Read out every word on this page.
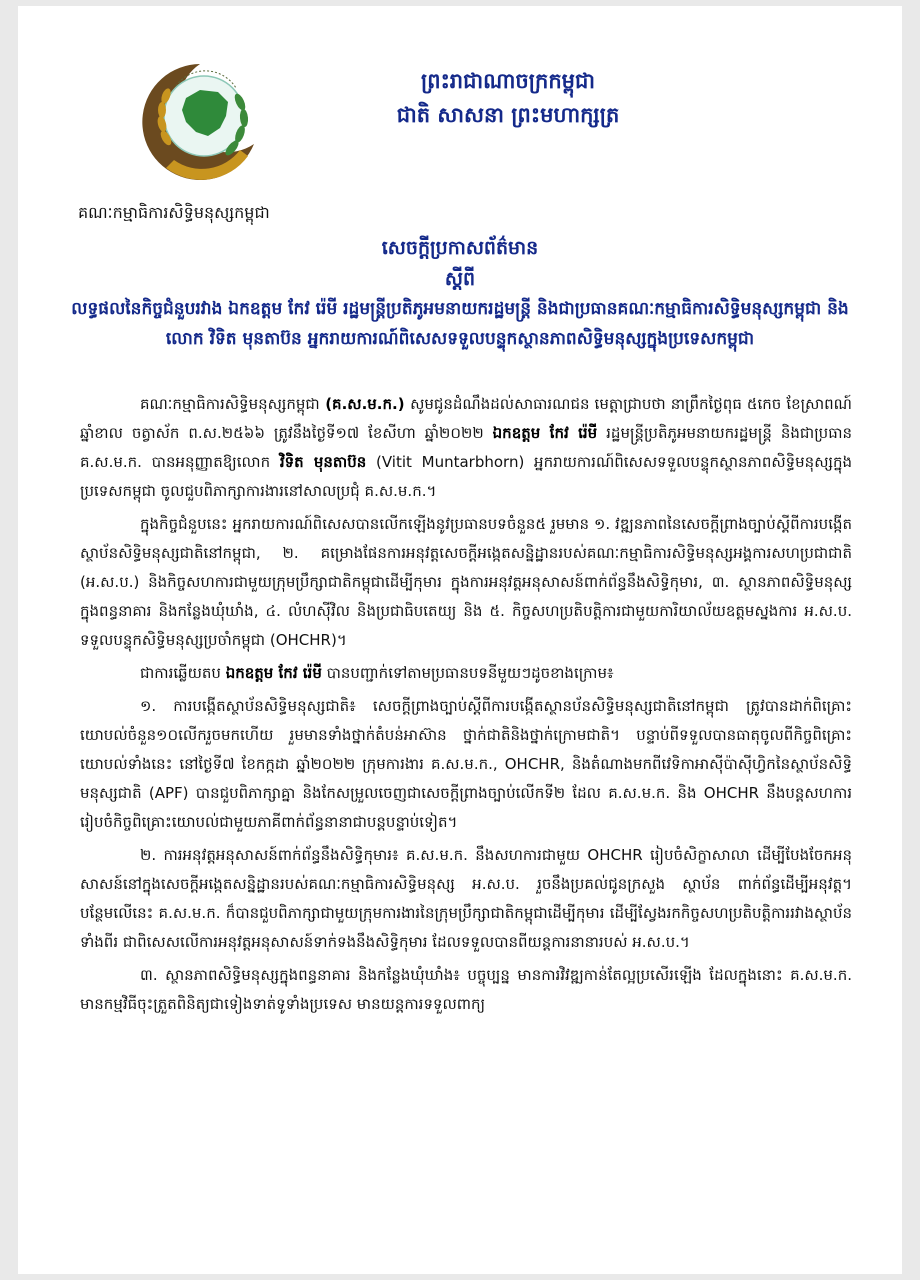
ព្រះរាជាណាចក្រកម្ពុជា
ជាតិ សាសនា ព្រះមហាក្សត្រ
គណៈកម្មាធិការសិទ្ធិមនុស្សកម្ពុជា
សេចក្តីប្រកាសព័ត៌មាន
ស្តីពី
លទ្ធផលនៃកិច្ចជំនួបរវាង ឯកឧត្តម កែវ រ៉េមី រដ្ឋមន្ត្រីប្រតិភូអមនាយករដ្ឋមន្ត្រី និងជាប្រធានគណៈកម្មាធិការសិទ្ធិមនុស្សកម្ពុជា និងលោក វិទិត មុនតាប៊ន អ្នករាយការណ៍ពិសេសទទួលបន្ទុកស្ថានភាពសិទ្ធិមនុស្សក្នុងប្រទេសកម្ពុជា

គណៈកម្មាធិការសិទ្ធិមនុស្សកម្ពុជា (គ.ស.ម.ក.) សូមជូនដំណឹងដល់សាធារណជន មេត្តាជ្រាបថា នាព្រឹកថ្ងៃពុធ ៥កេច ខែស្រាពណ៍ ឆ្នាំខាល ចត្វាស័ក ព.ស.២៥៦៦ ត្រូវនឹងថ្ងៃទី១៧ ខែសីហា ឆ្នាំ២០២២ ឯកឧត្តម កែវ រ៉េមី រដ្ឋមន្ត្រីប្រតិភូអមនាយករដ្ឋមន្ត្រី និងជាប្រធាន គ.ស.ម.ក. បានអនុញ្ញាតឱ្យលោក វិទិត មុនតាប៊ន (Vitit Muntarbhorn) អ្នករាយការណ៍ពិសេសទទួលបន្ទុកស្ថានភាពសិទ្ធិមនុស្សក្នុងប្រទេសកម្ពុជា ចូលជួបពិភាក្សាការងារនៅសាលប្រជុំ គ.ស.ម.ក.។

ក្នុងកិច្ចជំនួបនេះ អ្នករាយការណ៍ពិសេសបានលើកឡើងនូវប្រធានបទចំនួន៥ រួមមាន ១. វឌ្ឍនភាពនៃសេចក្តីព្រាងច្បាប់ស្តីពីការបង្កើតស្ថាប័នសិទ្ធិមនុស្សជាតិនៅកម្ពុជា, ២. គម្រោងផែនការអនុវត្តសេចក្តីអង្កេតសន្និដ្ឋានរបស់គណៈកម្មាធិការសិទ្ធិមនុស្សអង្គការសហប្រជាជាតិ (អ.ស.ប.) និងកិច្ចសហការជាមួយក្រុមប្រឹក្សាជាតិកម្ពុជាដើម្បីកុមារ ក្នុងការអនុវត្តអនុសាសន៍ពាក់ព័ន្ធនឹងសិទ្ធិកុមារ, ៣. ស្ថានភាពសិទ្ធិមនុស្សក្នុងពន្ធនាគារ និងកន្លែងឃុំឃាំង, ៤. លំហស៊ីវិល និងប្រជាធិបតេយ្យ និង ៥. កិច្ចសហប្រតិបត្តិការជាមួយការិយាល័យឧត្តមស្នងការ អ.ស.ប. ទទួលបន្ទុកសិទ្ធិមនុស្សប្រចាំកម្ពុជា (OHCHR)។

ជាការឆ្លើយតប ឯកឧត្តម កែវ រ៉េមី បានបញ្ជាក់ទៅតាមប្រធានបទនីមួយៗដូចខាងក្រោម៖

១. ការបង្កើតស្ថាប័នសិទ្ធិមនុស្សជាតិ៖ សេចក្តីព្រាងច្បាប់ស្តីពីការបង្កើតស្ថានប័នសិទ្ធិមនុស្សជាតិនៅកម្ពុជា ត្រូវបានដាក់ពិគ្រោះយោបល់ចំនួន១០លើករួចមកហើយ រួមមានទាំងថ្នាក់តំបន់អាស៊ាន ថ្នាក់ជាតិនិងថ្នាក់ក្រោមជាតិ។ បន្ទាប់ពីទទួលបានធាតុចូលពីកិច្ចពិគ្រោះយោបល់ទាំងនេះ នៅថ្ងៃទី៧ ខែកក្កដា ឆ្នាំ២០២២ ក្រុមការងារ គ.ស.ម.ក., OHCHR, និងតំណាងមកពីវេទិកាអាស៊ីប៉ាស៊ីហ្វិកនៃស្ថាប័នសិទ្ធិមនុស្សជាតិ (APF) បានជួបពិភាក្សាគ្នា និងកែសម្រួលចេញជាសេចក្តីព្រាងច្បាប់លើកទី២ ដែល គ.ស.ម.ក. និង OHCHR នឹងបន្តសហការរៀបចំកិច្ចពិគ្រោះយោបល់ជាមួយភាគីពាក់ព័ន្ធនានាជាបន្តបន្ទាប់ទៀត។

២. ការអនុវត្តអនុសាសន៍ពាក់ព័ន្ធនឹងសិទ្ធិកុមារ៖ គ.ស.ម.ក. នឹងសហការជាមួយ OHCHR រៀបចំសិក្ខាសាលា ដើម្បីបែងចែកអនុសាសន៍នៅក្នុងសេចក្តីអង្កេតសន្និដ្ឋានរបស់គណៈកម្មាធិការសិទ្ធិមនុស្ស អ.ស.ប. រួចនឹងប្រគល់ជូនក្រសួង ស្ថាប័ន ពាក់ព័ន្ធដើម្បីអនុវត្ត។ បន្ថែមលើនេះ គ.ស.ម.ក. ក៏បានជួបពិភាក្សាជាមួយក្រុមការងារនៃក្រុមប្រឹក្សាជាតិកម្ពុជាដើម្បីកុមារ ដើម្បីស្វែងរកកិច្ចសហប្រតិបត្តិការរវាងស្ថាប័នទាំងពីរ ជាពិសេសលើការអនុវត្តអនុសាសន៍ទាក់ទងនឹងសិទ្ធិកុមារ ដែលទទួលបានពីយន្តការនានារបស់ អ.ស.ប.។

៣. ស្ថានភាពសិទ្ធិមនុស្សក្នុងពន្ធនាគារ និងកន្លែងឃុំឃាំង៖ បច្ចុប្បន្ន មានការវិវឌ្ឍកាន់តែល្អប្រសើរឡើង ដែលក្នុងនោះ គ.ស.ម.ក. មានកម្មវិធីចុះត្រួតពិនិត្យជាទៀងទាត់ទូទាំងប្រទេស មានយន្តការទទួលពាក្យ
